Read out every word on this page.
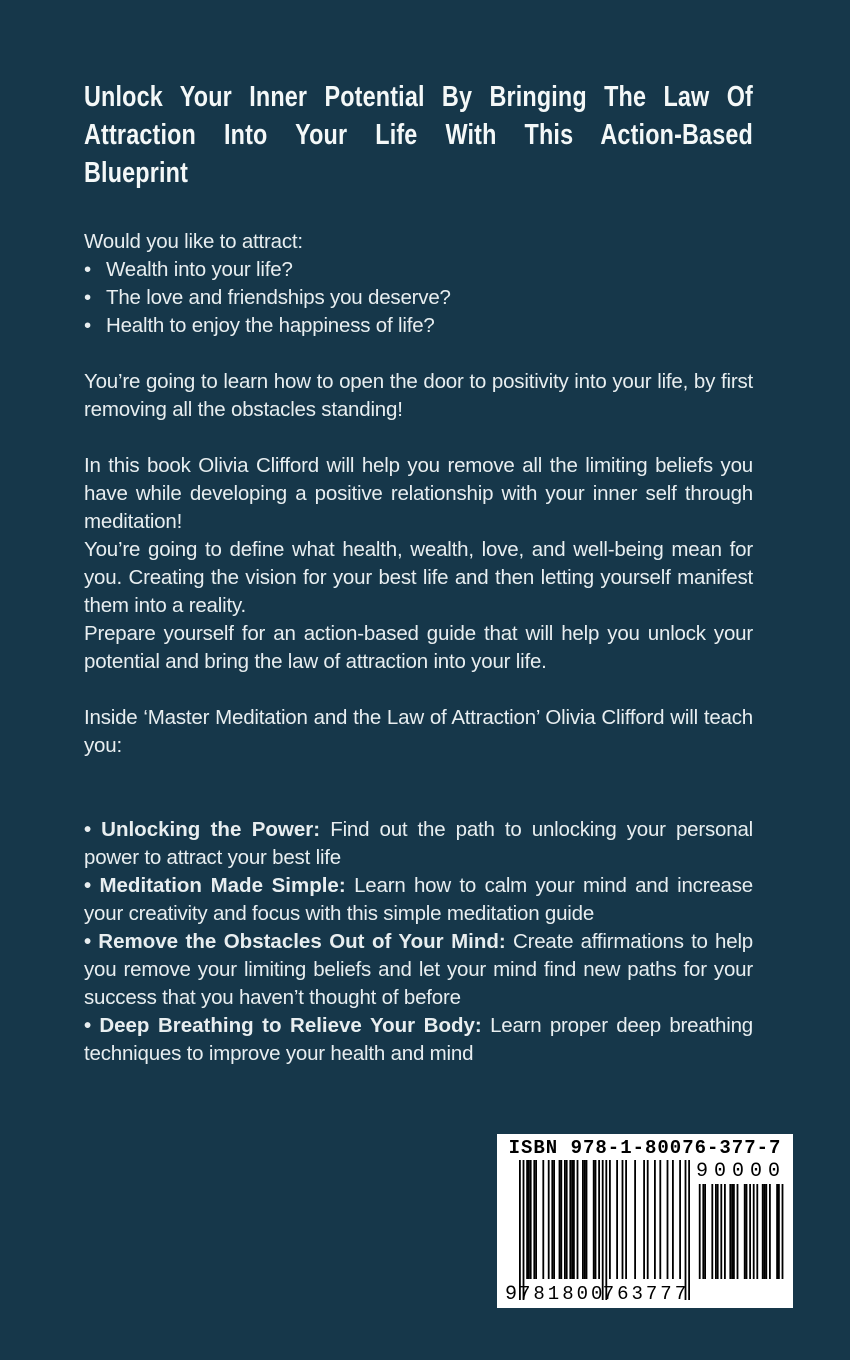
Unlock Your Inner Potential By Bringing The Law Of
Attraction Into Your Life With This Action-Based
Blueprint
Would you like to attract:
• Wealth into your life?
• The love and friendships you deserve?
• Health to enjoy the happiness of life?
You’re going to learn how to open the door to positivity into your life, by first removing all the obstacles standing!
In this book Olivia Clifford will help you remove all the limiting beliefs you have while developing a positive relationship with your inner self through meditation!
You’re going to define what health, wealth, love, and well-being mean for you. Creating the vision for your best life and then letting yourself manifest them into a reality.
Prepare yourself for an action-based guide that will help you unlock your potential and bring the law of attraction into your life.
Inside ‘Master Meditation and the Law of Attraction’ Olivia Clifford will teach you:
• Unlocking the Power: Find out the path to unlocking your personal power to attract your best life
• Meditation Made Simple: Learn how to calm your mind and increase your creativity and focus with this simple meditation guide
• Remove the Obstacles Out of Your Mind: Create affirmations to help you remove your limiting beliefs and let your mind find new paths for your success that you haven’t thought of before
• Deep Breathing to Relieve Your Body: Learn proper deep breathing techniques to improve your health and mind
ISBN 978-1-80076-377-7
9 781800
763777
90000
